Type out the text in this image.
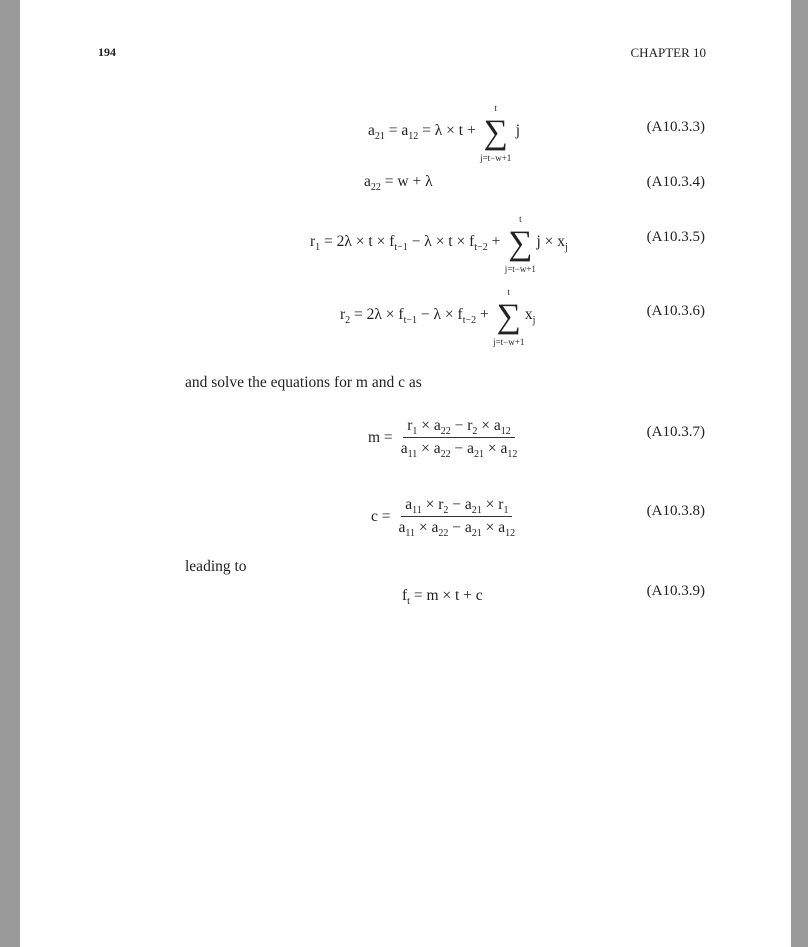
194	CHAPTER 10
$a_{21} = a_{12} = \lambda \times t$ + ∑
t
j=t−w+1
j	(A10.3.3)
$a_{22} = w + \lambda$	(A10.3.4)
$r_1 = 2\lambda \times t \times f_{t-1} - \lambda \times t \times f_{t-2}$ + ∑
t
j=t−w+1
$j \times x_j$
(A10.3.5)
$r_2 = 2\lambda \times f_{t-1} - \lambda \times f_{t-2}$ + ∑
t
j=t−w+1
$x_j$
(A10.3.6)
and solve the equations for m and c as
$m = \frac{r_1 \times a_{22} - r_2 \times a_{12}}{a_{11} \times a_{22} - a_{21} \times a_{12}}$	(A10.3.7)
$c = \frac{a_{11} \times r_2 - a_{21} \times r_1}{a_{11} \times a_{22} - a_{21} \times a_{12}}$	(A10.3.8)
leading to
$f_t = m \times t + c$	(A10.3.9)
